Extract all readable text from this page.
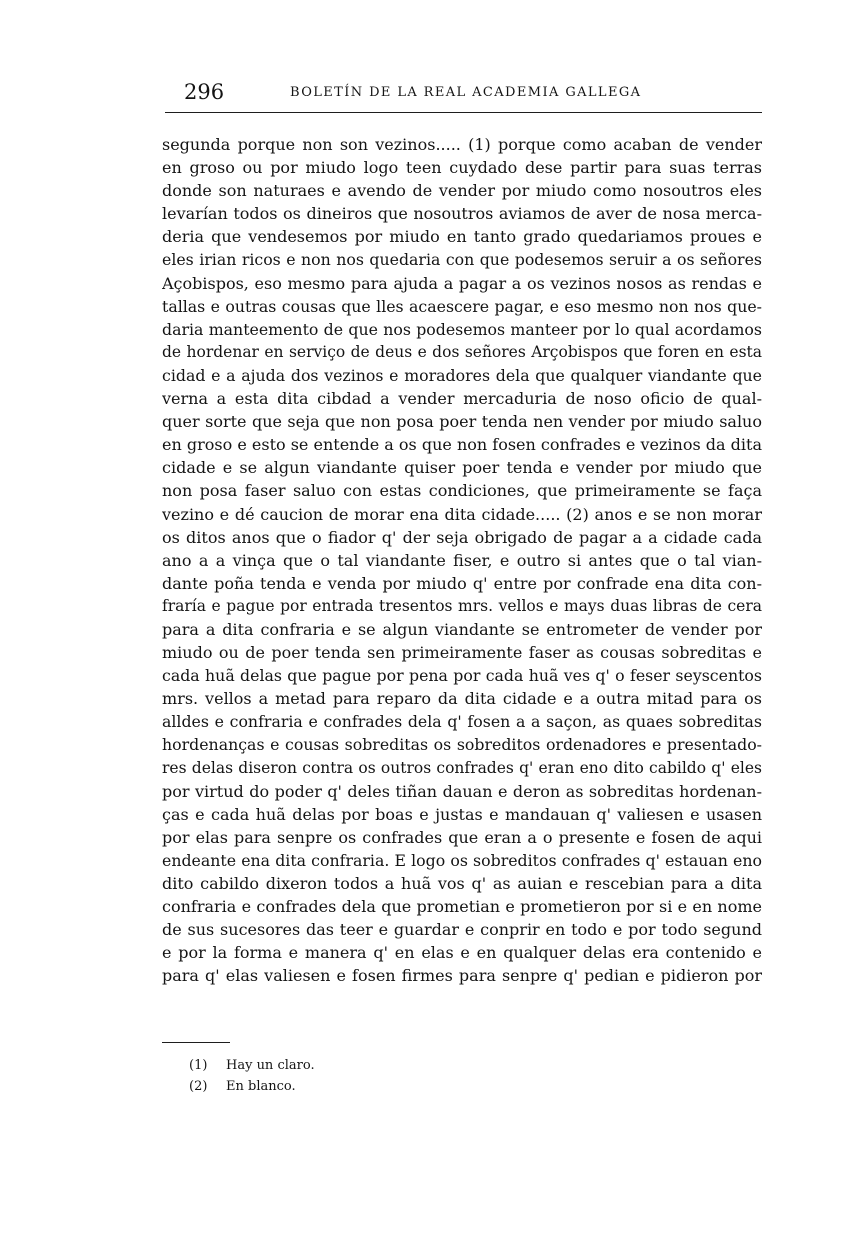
296	BOLETÍN DE LA REAL ACADEMIA GALLEGA
segunda porque non son vezinos..... (1) porque como acaban de vender
en groso ou por miudo logo teen cuydado dese partir para suas terras
donde son naturaes e avendo de vender por miudo como nosoutros eles
levarían todos os dineiros que nosoutros aviamos de aver de nosa merca-
deria que vendesemos por miudo en tanto grado quedariamos proues e
eles irian ricos e non nos quedaria con que podesemos seruir a os señores
Açobispos, eso mesmo para ajuda a pagar a os vezinos nosos as rendas e
tallas e outras cousas que lles acaescere pagar, e eso mesmo non nos que-
daria manteemento de que nos podesemos manteer por lo qual acordamos
de hordenar en serviço de deus e dos señores Arçobispos que foren en esta
cidad e a ajuda dos vezinos e moradores dela que qualquer viandante que
verna a esta dita cibdad a vender mercaduria de noso oficio de qual-
quer sorte que seja que non posa poer tenda nen vender por miudo saluo
en groso e esto se entende a os que non fosen confrades e vezinos da dita
cidade e se algun viandante quiser poer tenda e vender por miudo que
non posa faser saluo con estas condiciones, que primeiramente se faça
vezino e dé caucion de morar ena dita cidade..... (2) anos e se non morar
os ditos anos que o fiador q' der seja obrigado de pagar a a cidade cada
ano a a vinça que o tal viandante fiser, e outro si antes que o tal vian-
dante poña tenda e venda por miudo q' entre por confrade ena dita con-
fraría e pague por entrada tresentos mrs. vellos e mays duas libras de cera
para a dita confraria e se algun viandante se entrometer de vender por
miudo ou de poer tenda sen primeiramente faser as cousas sobreditas e
cada huã delas que pague por pena por cada huã ves q' o feser seyscentos
mrs. vellos a metad para reparo da dita cidade e a outra mitad para os
alldes e confraria e confrades dela q' fosen a a saçon, as quaes sobreditas
hordenanças e cousas sobreditas os sobreditos ordenadores e presentado-
res delas diseron contra os outros confrades q' eran eno dito cabildo q' eles
por virtud do poder q' deles tiñan dauan e deron as sobreditas hordenan-
ças e cada huã delas por boas e justas e mandauan q' valiesen e usasen
por elas para senpre os confrades que eran a o presente e fosen de aqui
endeante ena dita confraria. E logo os sobreditos confrades q' estauan eno
dito cabildo dixeron todos a huã vos q' as auian e rescebian para a dita
confraria e confrades dela que prometian e prometieron por si e en nome
de sus sucesores das teer e guardar e conprir en todo e por todo segund
e por la forma e manera q' en elas e en qualquer delas era contenido e
para q' elas valiesen e fosen firmes para senpre q' pedian e pidieron por
(1) Hay un claro.
(2) En blanco.
